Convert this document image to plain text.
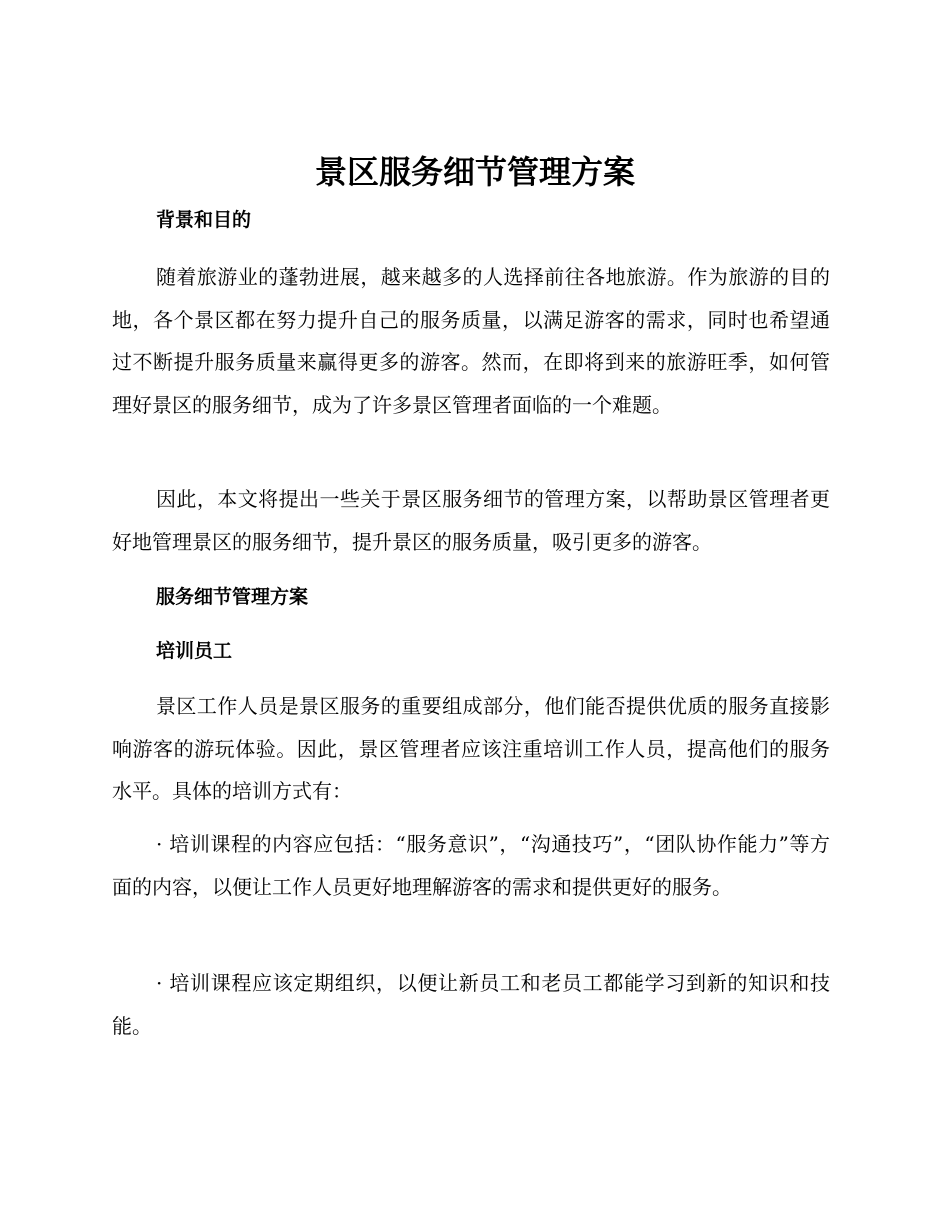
景区服务细节管理方案
背景和目的

随着旅游业的蓬勃进展，越来越多的人选择前往各地旅游。作为旅游的目的地，各个景区都在努力提升自己的服务质量，以满足游客的需求，同时也希望通过不断提升服务质量来赢得更多的游客。然而，在即将到来的旅游旺季，如何管理好景区的服务细节，成为了许多景区管理者面临的一个难题。

因此，本文将提出一些关于景区服务细节的管理方案，以帮助景区管理者更好地管理景区的服务细节，提升景区的服务质量，吸引更多的游客。

服务细节管理方案
培训员工

景区工作人员是景区服务的重要组成部分，他们能否提供优质的服务直接影响游客的游玩体验。因此，景区管理者应该注重培训工作人员，提高他们的服务水平。具体的培训方式有：

· 培训课程的内容应包括：“服务意识”，“沟通技巧”，“团队协作能力”等方面的内容，以便让工作人员更好地理解游客的需求和提供更好的服务。

· 培训课程应该定期组织，以便让新员工和老员工都能学习到新的知识和技能。
